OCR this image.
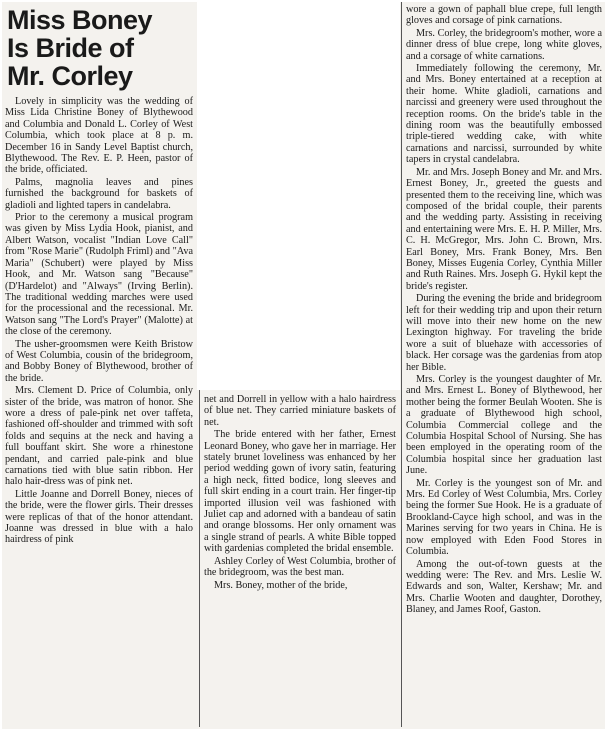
Miss Boney
Is Bride of
Mr. Corley

Lovely in simplicity was the wedding of Miss Lida Christine Boney of Blythewood and Columbia and Donald L. Corley of West Columbia, which took place at 8 p. m. December 16 in Sandy Level Baptist church, Blythewood. The Rev. E. P. Heen, pastor of the bride, officiated.

Palms, magnolia leaves and pines furnished the background for baskets of gladioli and lighted tapers in candelabra.

Prior to the ceremony a musical program was given by Miss Lydia Hook, pianist, and Albert Watson, vocalist "Indian Love Call" from "Rose Marie" (Rudolph Friml) and "Ava Maria" (Schubert) were played by Miss Hook, and Mr. Watson sang "Because" (D'Hardelot) and "Always" (Irving Berlin). The traditional wedding marches were used for the processional and the recessional. Mr. Watson sang "The Lord's Prayer" (Malotte) at the close of the ceremony.

The usher-groomsmen were Keith Bristow of West Columbia, cousin of the bridegroom, and Bobby Boney of Blythewood, brother of the bride.

Mrs. Clement D. Price of Columbia, only sister of the bride, was matron of honor. She wore a dress of pale-pink net over taffeta, fashioned off-shoulder and trimmed with soft folds and sequins at the neck and having a full bouffant skirt. She wore a rhinestone pendant, and carried pale-pink and blue carnations tied with blue satin ribbon. Her halo hair-dress was of pink net.

Little Joanne and Dorrell Boney, nieces of the bride, were the flower girls. Their dresses were replicas of that of the honor attendant. Joanne was dressed in blue with a halo hairdress of pink

net and Dorrell in yellow with a halo hairdress of blue net. They carried miniature baskets of net.

The bride entered with her father, Ernest Leonard Boney, who gave her in marriage. Her stately brunet loveliness was enhanced by her period wedding gown of ivory satin, featuring a high neck, fitted bodice, long sleeves and full skirt ending in a court train. Her finger-tip imported illusion veil was fashioned with Juliet cap and adorned with a bandeau of satin and orange blossoms. Her only ornament was a single strand of pearls. A white Bible topped with gardenias completed the bridal ensemble.

Ashley Corley of West Columbia, brother of the bridegroom, was the best man.

Mrs. Boney, mother of the bride,

wore a gown of paphall blue crepe, full length gloves and corsage of pink carnations.

Mrs. Corley, the bridegroom's mother, wore a dinner dress of blue crepe, long white gloves, and a corsage of white carnations.

Immediately following the ceremony, Mr. and Mrs. Boney entertained at a reception at their home. White gladioli, carnations and narcissi and greenery were used throughout the reception rooms. On the bride's table in the dining room was the beautifully embossed triple-tiered wedding cake, with white carnations and narcissi, surrounded by white tapers in crystal candelabra.

Mr. and Mrs. Joseph Boney and Mr. and Mrs. Ernest Boney, Jr., greeted the guests and presented them to the receiving line, which was composed of the bridal couple, their parents and the wedding party. Assisting in receiving and entertaining were Mrs. E. H. P. Miller, Mrs. C. H. McGregor, Mrs. John C. Brown, Mrs. Earl Boney, Mrs. Frank Boney, Mrs. Ben Boney, Misses Eugenia Corley, Cynthia Miller and Ruth Raines. Mrs. Joseph G. Hykil kept the bride's register.

During the evening the bride and bridegroom left for their wedding trip and upon their return will move into their new home on the new Lexington highway. For traveling the bride wore a suit of bluehaze with accessories of black. Her corsage was the gardenias from atop her Bible.

Mrs. Corley is the youngest daughter of Mr. and Mrs. Ernest L. Boney of Blythewood, her mother being the former Beulah Wooten. She is a graduate of Blythewood high school, Columbia Commercial college and the Columbia Hospital School of Nursing. She has been employed in the operating room of the Columbia hospital since her graduation last June.

Mr. Corley is the youngest son of Mr. and Mrs. Ed Corley of West Columbia, Mrs. Corley being the former Sue Hook. He is a graduate of Brookland-Cayce high school, and was in the Marines serving for two years in China. He is now employed with Eden Food Stores in Columbia.

Among the out-of-town guests at the wedding were: The Rev. and Mrs. Leslie W. Edwards and son, Walter, Kershaw; Mr. and Mrs. Charlie Wooten and daughter, Dorothey, Blaney, and James Roof, Gaston.
